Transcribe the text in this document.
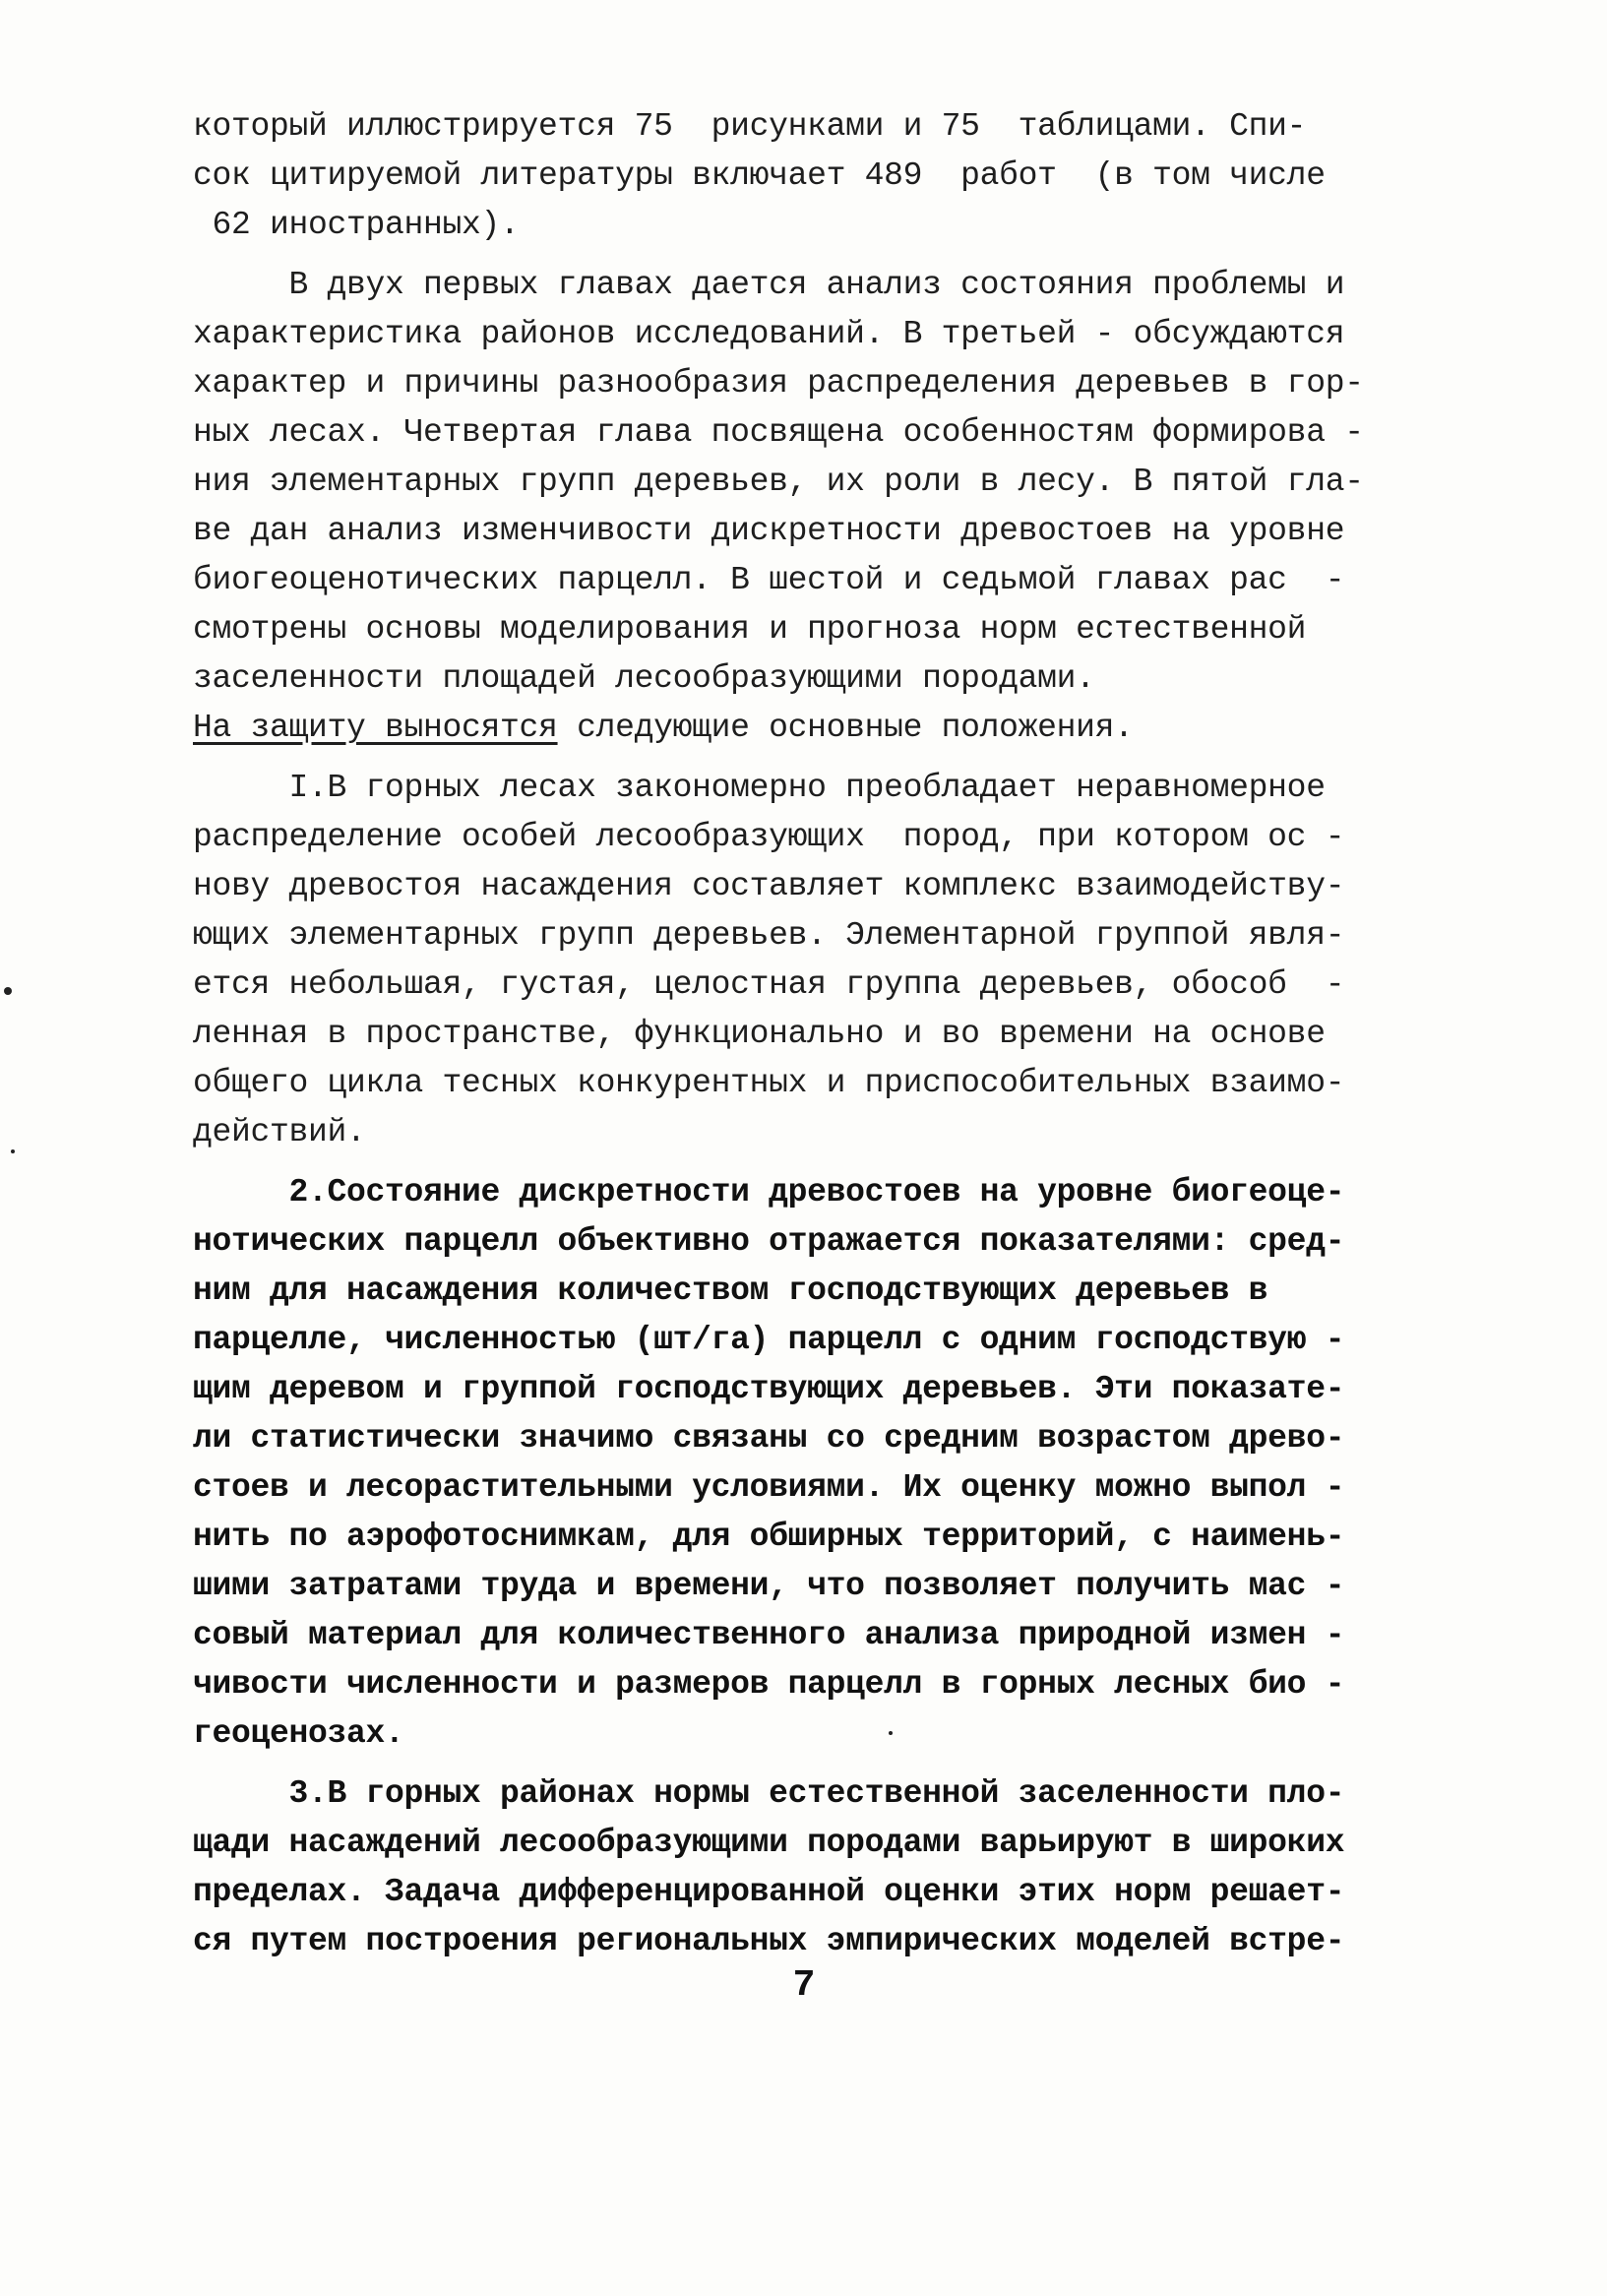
который иллюстрируется 75  рисунками и 75  таблицами. Спи-
сок цитируемой литературы включает 489  работ  (в том числе
62 иностранных).
В двух первых главах дается анализ состояния проблемы и
характеристика районов исследований. В третьей - обсуждаются
характер и причины разнообразия распределения деревьев в гор-
ных лесах. Четвертая глава посвящена особенностям формирова -
ния элементарных групп деревьев, их роли в лесу. В пятой гла-
ве дан анализ изменчивости дискретности древостоев на уровне
биогеоценотических парцелл. В шестой и седьмой главах рас  -
смотрены основы моделирования и прогноза норм естественной
заселенности площадей лесообразующими породами.
На защиту выносятся следующие основные положения.
I.В горных лесах закономерно преобладает неравномерное
распределение особей лесообразующих  пород, при котором ос -
нову древостоя насаждения составляет комплекс взаимодейству-
ющих элементарных групп деревьев. Элементарной группой явля-
ется небольшая, густая, целостная группа деревьев, обособ  -
ленная в пространстве, функционально и во времени на основе
общего цикла тесных конкурентных и приспособительных взаимо-
действий.
2.Состояние дискретности древостоев на уровне биогеоце-
нотических парцелл объективно отражается показателями: сред-
ним для насаждения количеством господствующих деревьев в
парцелле, численностью (шт/га) парцелл с одним господствую -
щим деревом и группой господствующих деревьев. Эти показате-
ли статистически значимо связаны со средним возрастом древо-
стоев и лесорастительными условиями. Их оценку можно выпол -
нить по аэрофотоснимкам, для обширных территорий, с наимень-
шими затратами труда и времени, что позволяет получить мас -
совый материал для количественного анализа природной измен -
чивости численности и размеров парцелл в горных лесных био -
геоценозах.
3.В горных районах нормы естественной заселенности пло-
щади насаждений лесообразующими породами варьируют в широких
пределах. Задача дифференцированной оценки этих норм решает-
ся путем построения региональных эмпирических моделей встре-
7
